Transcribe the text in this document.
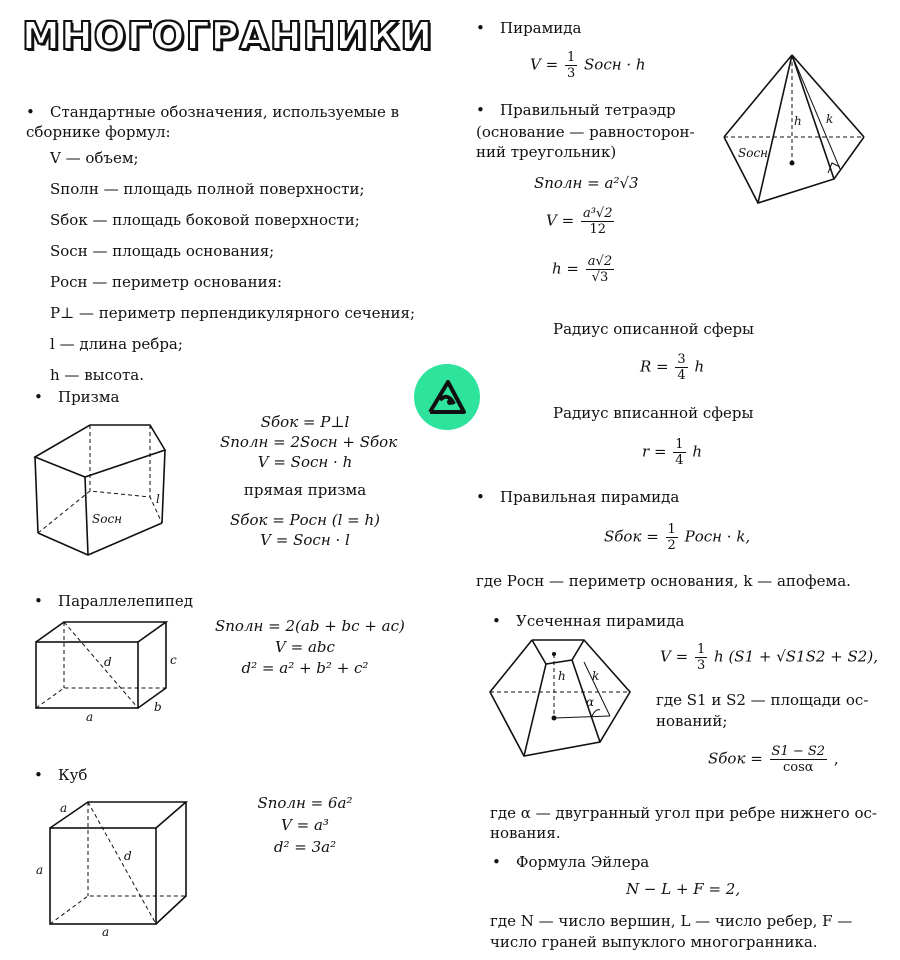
МНОГОГРАННИКИ
• Стандартные обозначения, используемые в
сборнике формул:
V — объем;
Sполн — площадь полной поверхности;
Sбок — площадь боковой поверхности;
Sосн — площадь основания;
Pосн — периметр основания:
P⊥ — периметр перпендикулярного сечения;
l — длина ребра;
h — высота.
• Призма
l
Sосн
Sбок = P⊥l
Sполн = 2Sосн + Sбок
V = Sосн · h
прямая призма
Sбок = Pосн (l = h)
V = Sосн · l
• Параллелепипед
d	c
a
b
Sполн = 2(ab + bc + ac)
V = abc
d² = a² + b² + c²
• Куб
a
a
d
a
Sполн = 6a²
V = a³
d² = 3a²
• Пирамида
$V = \frac{1}{3}$ Sосн · h
h k
Sосн
• Правильный тетраэдр
(основание — равносторон-
ний треугольник)
Sполн = a²√3
$V = \frac{\text{a³√2}}{12}$
$h = \frac{a√2}{√3}$
Радиус описанной сферы
$R = \frac{3}{4}$ h
Радиус вписанной сферы
$r = \frac{1}{4}$ h
• Правильная пирамида
Sбок = $\frac{1}{2}$ Pосн · k,
где Pосн — периметр основания, k — апофема.
• Усеченная пирамида
h k
α
$V = \frac{1}{3}$ h (S1 + √S1S2 + S2),
где S1 и S2 — площади ос-
нований;
Sбок = $\frac{S1 - S2}{\cos\alpha}$ ,
где α — двугранный угол при ребре нижнего ос-
нования.
• Формула Эйлера
N − L + F = 2,
где N — число вершин, L — число ребер, F —
число граней выпуклого многогранника.
